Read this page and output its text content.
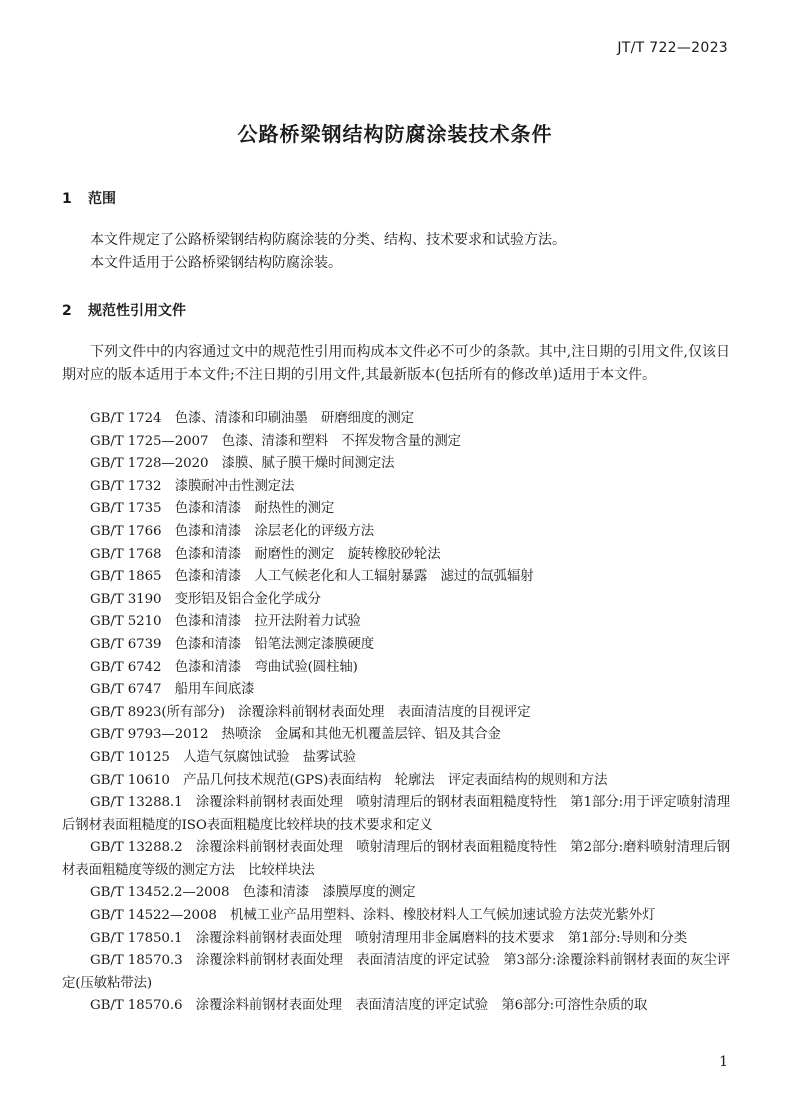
JT/T 722—2023
公路桥梁钢结构防腐涂装技术条件
1 范围

本文件规定了公路桥梁钢结构防腐涂装的分类、结构、技术要求和试验方法。

本文件适用于公路桥梁钢结构防腐涂装。

2 规范性引用文件

下列文件中的内容通过文中的规范性引用而构成本文件必不可少的条款。其中,注日期的引用文件,仅该日期对应的版本适用于本文件;不注日期的引用文件,其最新版本(包括所有的修改单)适用于本文件。

GB/T 1724　色漆、清漆和印刷油墨　研磨细度的测定
GB/T 1725—2007　色漆、清漆和塑料　不挥发物含量的测定
GB/T 1728—2020　漆膜、腻子膜干燥时间测定法
GB/T 1732　漆膜耐冲击性测定法
GB/T 1735　色漆和清漆　耐热性的测定
GB/T 1766　色漆和清漆　涂层老化的评级方法
GB/T 1768　色漆和清漆　耐磨性的测定　旋转橡胶砂轮法
GB/T 1865　色漆和清漆　人工气候老化和人工辐射暴露　滤过的氙弧辐射
GB/T 3190　变形铝及铝合金化学成分
GB/T 5210　色漆和清漆　拉开法附着力试验
GB/T 6739　色漆和清漆　铅笔法测定漆膜硬度
GB/T 6742　色漆和清漆　弯曲试验(圆柱轴)
GB/T 6747　船用车间底漆
GB/T 8923(所有部分)　涂覆涂料前钢材表面处理　表面清洁度的目视评定
GB/T 9793—2012　热喷涂　金属和其他无机覆盖层锌、铝及其合金
GB/T 10125　人造气氛腐蚀试验　盐雾试验
GB/T 10610　产品几何技术规范(GPS)表面结构　轮廓法　评定表面结构的规则和方法
GB/T 13288.1　涂覆涂料前钢材表面处理　喷射清理后的钢材表面粗糙度特性　第1部分:用于评定喷射清理后钢材表面粗糙度的ISO表面粗糙度比较样块的技术要求和定义
GB/T 13288.2　涂覆涂料前钢材表面处理　喷射清理后的钢材表面粗糙度特性　第2部分:磨料喷射清理后钢材表面粗糙度等级的测定方法　比较样块法
GB/T 13452.2—2008　色漆和清漆　漆膜厚度的测定
GB/T 14522—2008　机械工业产品用塑料、涂料、橡胶材料人工气候加速试验方法荧光紫外灯
GB/T 17850.1　涂覆涂料前钢材表面处理　喷射清理用非金属磨料的技术要求　第1部分:导则和分类
GB/T 18570.3　涂覆涂料前钢材表面处理　表面清洁度的评定试验　第3部分:涂覆涂料前钢材表面的灰尘评定(压敏粘带法)
GB/T 18570.6　涂覆涂料前钢材表面处理　表面清洁度的评定试验　第6部分:可溶性杂质的取
1
